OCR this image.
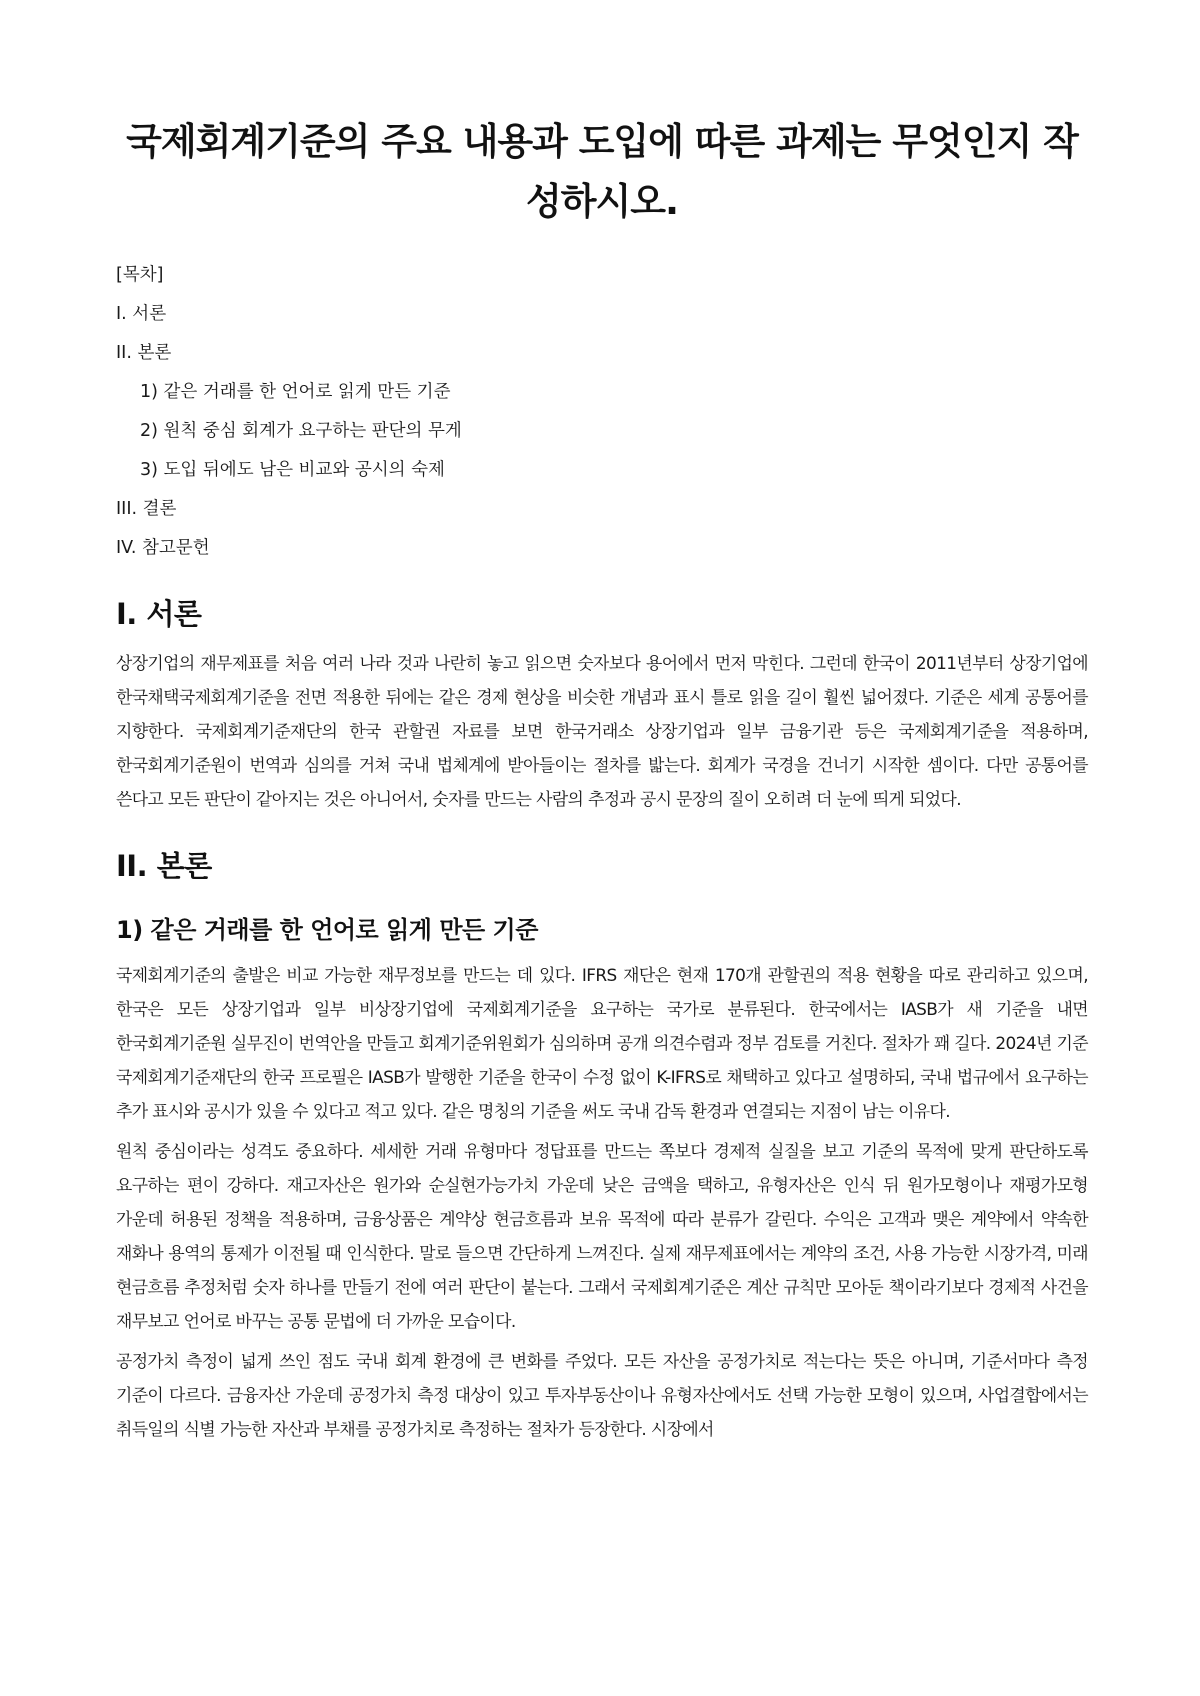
국제회계기준의 주요 내용과 도입에 따른 과제는 무엇인지 작성하시오.
[목차]
I. 서론
II. 본론
1) 같은 거래를 한 언어로 읽게 만든 기준
2) 원칙 중심 회계가 요구하는 판단의 무게
3) 도입 뒤에도 남은 비교와 공시의 숙제
III. 결론
IV. 참고문헌
I. 서론

상장기업의 재무제표를 처음 여러 나라 것과 나란히 놓고 읽으면 숫자보다 용어에서 먼저 막힌다. 그런데 한국이 2011년부터 상장기업에 한국채택국제회계기준을 전면 적용한 뒤에는 같은 경제 현상을 비슷한 개념과 표시 틀로 읽을 길이 훨씬 넓어졌다. 기준은 세계 공통어를 지향한다. 국제회계기준재단의 한국 관할권 자료를 보면 한국거래소 상장기업과 일부 금융기관 등은 국제회계기준을 적용하며, 한국회계기준원이 번역과 심의를 거쳐 국내 법체계에 받아들이는 절차를 밟는다. 회계가 국경을 건너기 시작한 셈이다. 다만 공통어를 쓴다고 모든 판단이 같아지는 것은 아니어서, 숫자를 만드는 사람의 추정과 공시 문장의 질이 오히려 더 눈에 띄게 되었다.

II. 본론
1) 같은 거래를 한 언어로 읽게 만든 기준

국제회계기준의 출발은 비교 가능한 재무정보를 만드는 데 있다. IFRS 재단은 현재 170개 관할권의 적용 현황을 따로 관리하고 있으며, 한국은 모든 상장기업과 일부 비상장기업에 국제회계기준을 요구하는 국가로 분류된다. 한국에서는 IASB가 새 기준을 내면 한국회계기준원 실무진이 번역안을 만들고 회계기준위원회가 심의하며 공개 의견수렴과 정부 검토를 거친다. 절차가 꽤 길다. 2024년 기준 국제회계기준재단의 한국 프로필은 IASB가 발행한 기준을 한국이 수정 없이 K-IFRS로 채택하고 있다고 설명하되, 국내 법규에서 요구하는 추가 표시와 공시가 있을 수 있다고 적고 있다. 같은 명칭의 기준을 써도 국내 감독 환경과 연결되는 지점이 남는 이유다.

원칙 중심이라는 성격도 중요하다. 세세한 거래 유형마다 정답표를 만드는 쪽보다 경제적 실질을 보고 기준의 목적에 맞게 판단하도록 요구하는 편이 강하다. 재고자산은 원가와 순실현가능가치 가운데 낮은 금액을 택하고, 유형자산은 인식 뒤 원가모형이나 재평가모형 가운데 허용된 정책을 적용하며, 금융상품은 계약상 현금흐름과 보유 목적에 따라 분류가 갈린다. 수익은 고객과 맺은 계약에서 약속한 재화나 용역의 통제가 이전될 때 인식한다. 말로 들으면 간단하게 느껴진다. 실제 재무제표에서는 계약의 조건, 사용 가능한 시장가격, 미래 현금흐름 추정처럼 숫자 하나를 만들기 전에 여러 판단이 붙는다. 그래서 국제회계기준은 계산 규칙만 모아둔 책이라기보다 경제적 사건을 재무보고 언어로 바꾸는 공통 문법에 더 가까운 모습이다.

공정가치 측정이 넓게 쓰인 점도 국내 회계 환경에 큰 변화를 주었다. 모든 자산을 공정가치로 적는다는 뜻은 아니며, 기준서마다 측정 기준이 다르다. 금융자산 가운데 공정가치 측정 대상이 있고 투자부동산이나 유형자산에서도 선택 가능한 모형이 있으며, 사업결합에서는 취득일의 식별 가능한 자산과 부채를 공정가치로 측정하는 절차가 등장한다. 시장에서
